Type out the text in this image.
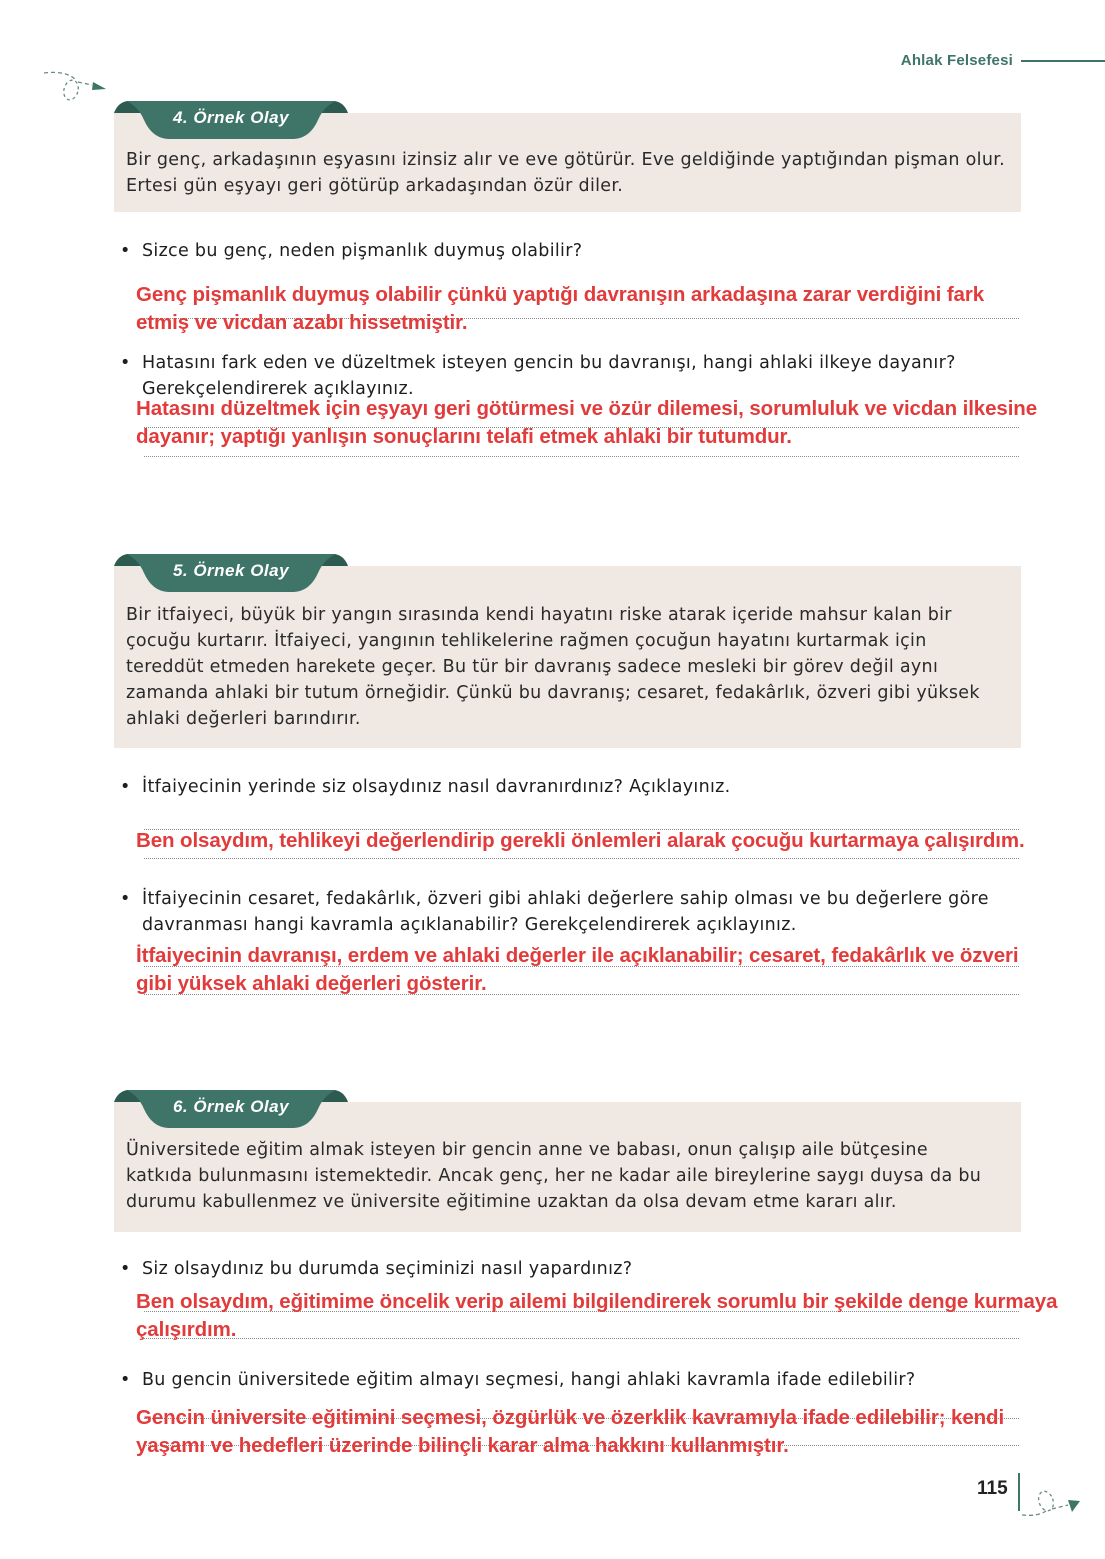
Ahlak Felsefesi
Bir genç, arkadaşının eşyasını izinsiz alır ve eve götürür. Eve geldiğinde yaptığından pişman olur. Ertesi gün eşyayı geri götürüp arkadaşından özür diler.
4. Örnek Olay
• Sizce bu genç, neden pişmanlık duymuş olabilir?
Genç pişmanlık duymuş olabilir çünkü yaptığı davranışın arkadaşına zarar verdiğini fark etmiş ve vicdan azabı hissetmiştir.
• Hatasını fark eden ve düzeltmek isteyen gencin bu davranışı, hangi ahlaki ilkeye dayanır? Gerekçelendirerek açıklayınız.
Hatasını düzeltmek için eşyayı geri götürmesi ve özür dilemesi, sorumluluk ve vicdan ilkesine dayanır; yaptığı yanlışın sonuçlarını telafi etmek ahlaki bir tutumdur.
Bir itfaiyeci, büyük bir yangın sırasında kendi hayatını riske atarak içeride mahsur kalan bir çocuğu kurtarır. İtfaiyeci, yangının tehlikelerine rağmen çocuğun hayatını kurtarmak için tereddüt etmeden harekete geçer. Bu tür bir davranış sadece mesleki bir görev değil aynı zamanda ahlaki bir tutum örneğidir. Çünkü bu davranış; cesaret, fedakârlık, özveri gibi yüksek ahlaki değerleri barındırır.
5. Örnek Olay
• İtfaiyecinin yerinde siz olsaydınız nasıl davranırdınız? Açıklayınız.
Ben olsaydım, tehlikeyi değerlendirip gerekli önlemleri alarak çocuğu kurtarmaya çalışırdım.
• İtfaiyecinin cesaret, fedakârlık, özveri gibi ahlaki değerlere sahip olması ve bu değerlere göre davranması hangi kavramla açıklanabilir? Gerekçelendirerek açıklayınız.
İtfaiyecinin davranışı, erdem ve ahlaki değerler ile açıklanabilir; cesaret, fedakârlık ve özveri gibi yüksek ahlaki değerleri gösterir.
Üniversitede eğitim almak isteyen bir gencin anne ve babası, onun çalışıp aile bütçesine katkıda bulunmasını istemektedir. Ancak genç, her ne kadar aile bireylerine saygı duysa da bu durumu kabullenmez ve üniversite eğitimine uzaktan da olsa devam etme kararı alır.
6. Örnek Olay
• Siz olsaydınız bu durumda seçiminizi nasıl yapardınız?
Ben olsaydım, eğitimime öncelik verip ailemi bilgilendirerek sorumlu bir şekilde denge kurmaya çalışırdım.
• Bu gencin üniversitede eğitim almayı seçmesi, hangi ahlaki kavramla ifade edilebilir?
Gencin üniversite eğitimini seçmesi, özgürlük ve özerklik kavramıyla ifade edilebilir; kendi yaşamı ve hedefleri üzerinde bilinçli karar alma hakkını kullanmıştır.
115
